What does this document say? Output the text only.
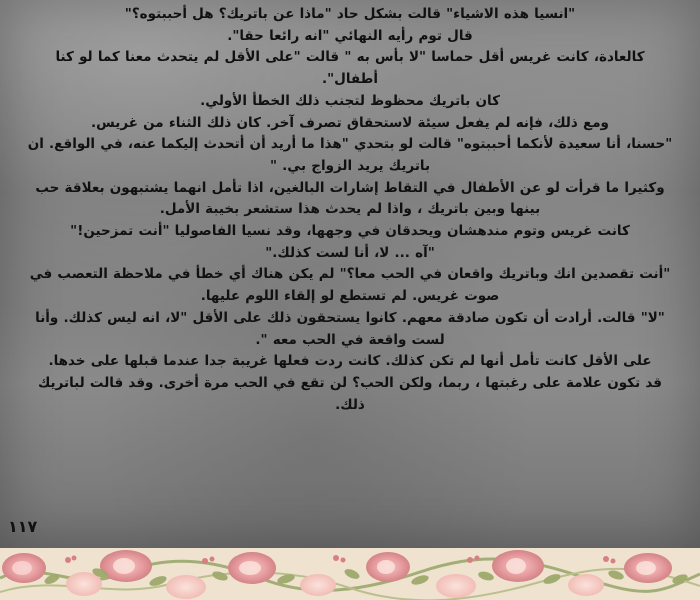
"انسيا هذه الاشياء" قالت بشكل حاد "ماذا عن باتريك؟ هل أحببتوه؟"
قال توم رأيه النهائي "انه رائعا حقا".
كالعادة، كانت غريس أقل حماسا "لا بأس به " قالت "على الأقل لم يتحدث معنا كما لو كنا
أطفال".
كان باتريك محظوظ لتجنب ذلك الخطأ الأولي.
ومع ذلك، فإنه لم يفعل سيئة لاستحقاق تصرف آخر. كان ذلك الثناء من غريس.
"حسنا، أنا سعيدة لأنكما أحببتوه" قالت لو بتحدي "هذا ما أريد أن أتحدث إليكما عنه، في الواقع. ان
باتريك يريد الزواج بي. "
وكثيرا ما قرأت لو عن الأطفال في التقاط إشارات البالغين، اذا تأمل انهما يشتبهون بعلاقة حب
بينها وبين باتريك ، واذا لم يحدث هذا ستشعر بخيبة الأمل.
كانت غريس وتوم مندهشان ويحدقان في وجهها، وقد نسيا الفاصوليا "أنت تمزحين!"
"آه ... لا، أنا لست كذلك."
"أنت تقصدين انك وباتريك واقعان في الحب معا؟" لم يكن هناك أي خطأ في ملاحظة التعصب في
صوت غريس. لم تستطع لو إلقاء اللوم عليها.
"لا" قالت. أرادت أن تكون صادقة معهم. كانوا يستحقون ذلك على الأقل "لا، انه ليس كذلك. وأنا
لست واقعة في الحب معه ".
على الأقل كانت تأمل أنها لم تكن كذلك. كانت ردت فعلها غريبة جدا عندما قبلها على خدها.
قد تكون علامة على رغبتها ، ربما، ولكن الحب؟ لن تقع في الحب مرة أخرى. وقد قالت لباتريك
ذلك.
١١٧
